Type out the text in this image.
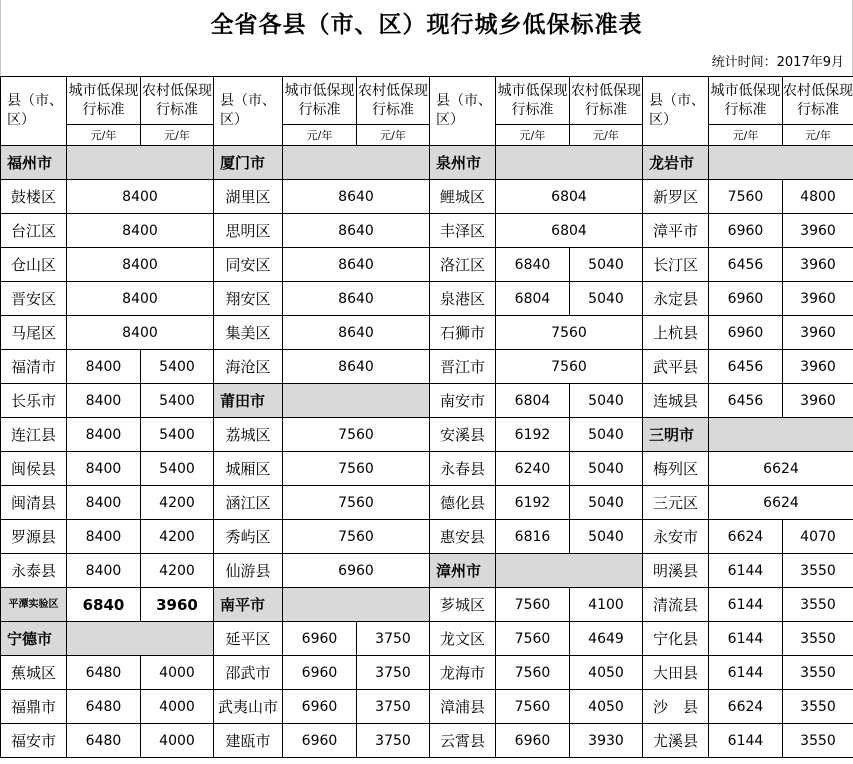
全省各县（市、区）现行城乡低保标准表
统计时间：2017年9月
县（市、区）	城市低保现行标准	农村低保现行标准	县（市、区）	城市低保现行标准	农村低保现行标准	县（市、区）	城市低保现行标准	农村低保现行标准	县（市、区）	城市低保现行标准	农村低保现行标准
	元/年	元/年		元/年	元/年		元/年	元/年		元/年	元/年
福州市			厦门市			泉州市			龙岩市		
鼓楼区	8400		湖里区	8640		鲤城区	6804		新罗区	7560	4800
台江区	8400		思明区	8640		丰泽区	6804		漳平市	6960	3960
仓山区	8400		同安区	8640		洛江区	6840	5040	长汀区	6456	3960
晋安区	8400		翔安区	8640		泉港区	6804	5040	永定县	6960	3960
马尾区	8400		集美区	8640		石狮市	7560		上杭县	6960	3960
福清市	8400	5400	海沧区	8640		晋江市	7560		武平县	6456	3960
长乐市	8400	5400	莆田市			南安市	6804	5040	连城县	6456	3960
连江县	8400	5400	荔城区	7560		安溪县	6192	5040	三明市		
闽侯县	8400	5400	城厢区	7560		永春县	6240	5040	梅列区	6624	
闽清县	8400	4200	涵江区	7560		德化县	6192	5040	三元区	6624	
罗源县	8400	4200	秀屿区	7560		惠安县	6816	5040	永安市	6624	4070
永泰县	8400	4200	仙游县	6960		漳州市			明溪县	6144	3550
平潭实验区	6840	3960	南平市			芗城区	7560	4100	清流县	6144	3550
宁德市			延平区	6960	3750	龙文区	7560	4649	宁化县	6144	3550
蕉城区	6480	4000	邵武市	6960	3750	龙海市	7560	4050	大田县	6144	3550
福鼎市	6480	4000	武夷山市	6960	3750	漳浦县	7560	4050	沙　县	6624	3550
福安市	6480	4000	建瓯市	6960	3750	云霄县	6960	3930	尤溪县	6144	3550
